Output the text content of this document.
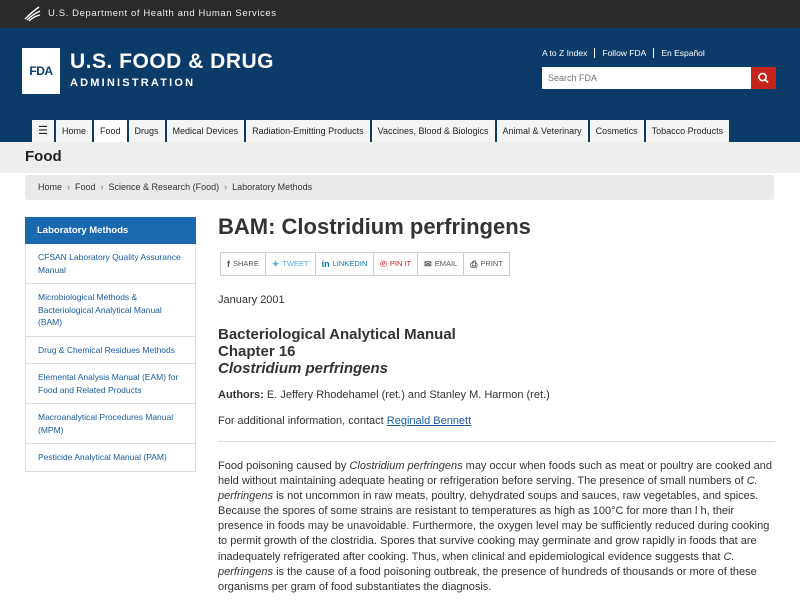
U.S. Department of Health and Human Services
FDA U.S. FOOD & DRUG
ADMINISTRATION
A to Z Index	Follow FDA	En Español
Search FDA
☰	Home	Food	Drugs	Medical Devices	Radiation-Emitting Products	Vaccines, Blood & Biologics	Animal & Veterinary	Cosmetics	Tobacco Products
Food
Home › Food › Science & Research (Food) › Laboratory Methods
Laboratory Methods
CFSAN Laboratory Quality Assurance Manual
Microbiological Methods & Bacteriological Analytical Manual (BAM)
Drug & Chemical Residues Methods
Elemental Analysis Manual (EAM) for Food and Related Products
Macroanalytical Procedures Manual (MPM)
Pesticide Analytical Manual (PAM)
BAM: Clostridium perfringens
f SHARE ✦ TWEET in LINKEDIN ℗ PIN IT ✉ EMAIL ⎙ PRINT
January 2001
Bacteriological Analytical Manual
Chapter 16
Clostridium perfringens
Authors: E. Jeffery Rhodehamel (ret.) and Stanley M. Harmon (ret.)
For additional information, contact Reginald Bennett

Food poisoning caused by Clostridium perfringens may occur when foods such as meat or poultry are cooked and held without maintaining adequate heating or refrigeration before serving. The presence of small numbers of C. perfringens is not uncommon in raw meats, poultry, dehydrated soups and sauces, raw vegetables, and spices. Because the spores of some strains are resistant to temperatures as high as 100°C for more than l h, their presence in foods may be unavoidable. Furthermore, the oxygen level may be sufficiently reduced during cooking to permit growth of the clostridia. Spores that survive cooking may germinate and grow rapidly in foods that are inadequately refrigerated after cooking. Thus, when clinical and epidemiological evidence suggests that C. perfringens is the cause of a food poisoning outbreak, the presence of hundreds of thousands or more of these organisms per gram of food substantiates the diagnosis.
